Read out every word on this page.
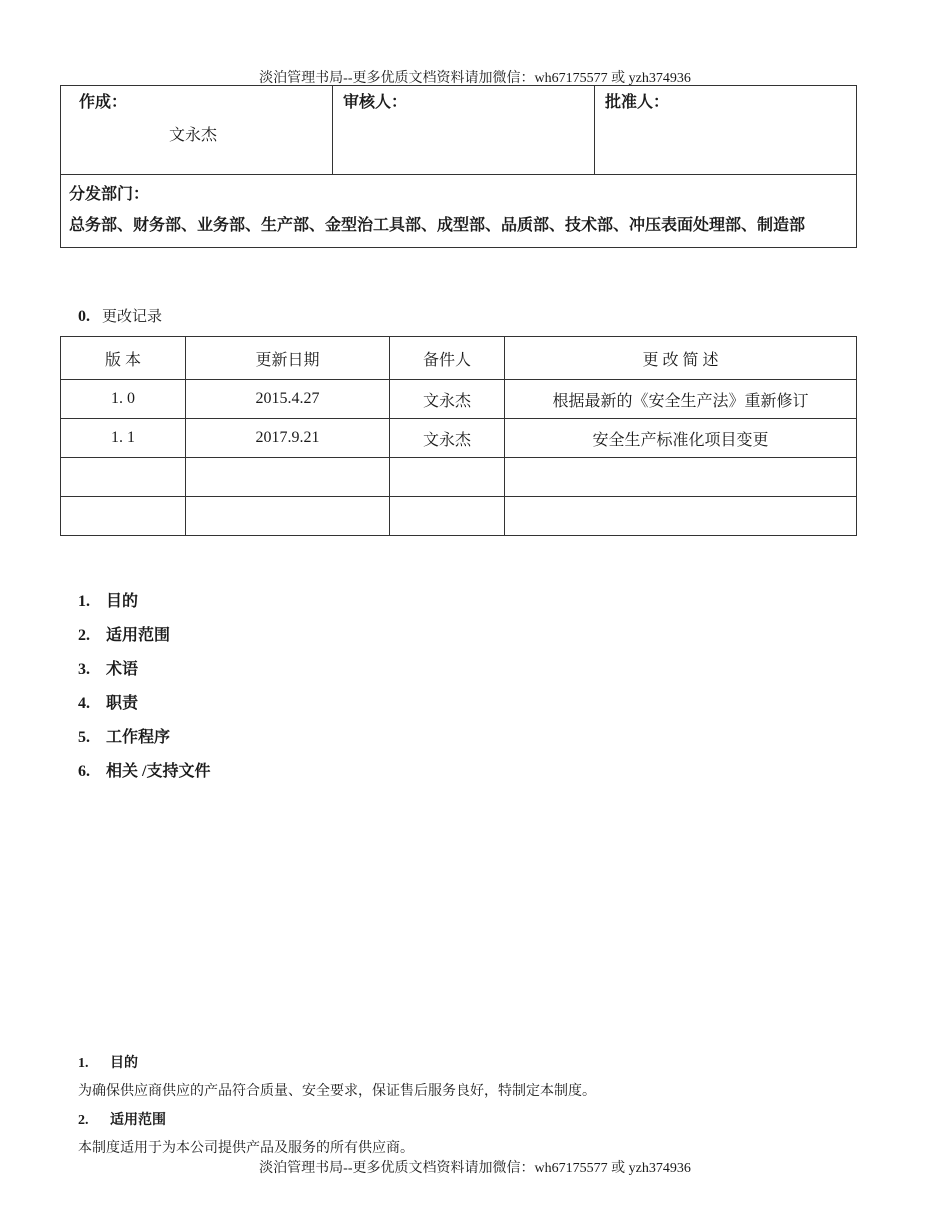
淡泊管理书局--更多优质文档资料请加微信：wh67175577 或 yzh374936
作成：
文永杰

审核人：	批准人：

分发部门：
总务部、财务部、业务部、生产部、金型治工具部、成型部、品质部、技术部、冲压表面处理部、制造部
0. 更改记录
版 本	更新日期	备件人	更 改 简 述
1. 0	2015.4.27	文永杰	根据最新的《安全生产法》重新修订
1. 1	2017.9.21	文永杰	安全生产标准化项目变更

1. 目的
2. 适用范围
3. 术语
4. 职责
5. 工作程序
6. 相关 /支持文件
1. 目的
为确保供应商供应的产品符合质量、安全要求，保证售后服务良好，特制定本制度。
2. 适用范围
本制度适用于为本公司提供产品及服务的所有供应商。
淡泊管理书局--更多优质文档资料请加微信：wh67175577 或 yzh374936
